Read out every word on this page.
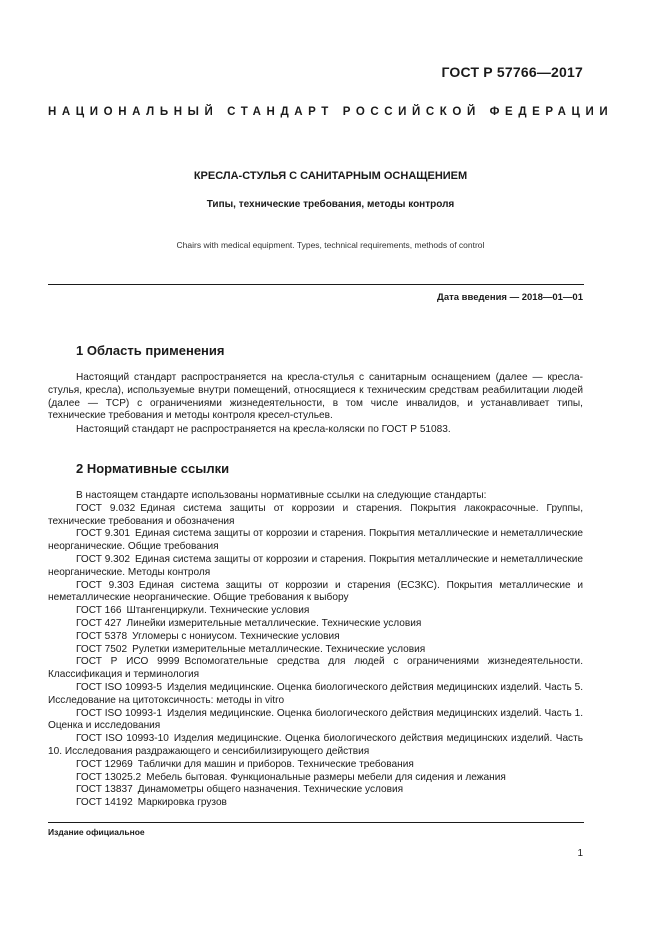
ГОСТ Р 57766—2017
НАЦИОНАЛЬНЫЙ СТАНДАРТ РОССИЙСКОЙ ФЕДЕРАЦИИ
КРЕСЛА-СТУЛЬЯ С САНИТАРНЫМ ОСНАЩЕНИЕМ
Типы, технические требования, методы контроля
Chairs with medical equipment. Types, technical requirements, methods of control
Дата введения — 2018—01—01
1 Область применения
Настоящий стандарт распространяется на кресла-стулья с санитарным оснащением (далее — кресла-стулья, кресла), используемые внутри помещений, относящиеся к техническим средствам реабилитации людей (далее — ТСР) с ограничениями жизнедеятельности, в том числе инвалидов, и устанавливает типы, технические требования и методы контроля кресел-стульев.
Настоящий стандарт не распространяется на кресла-коляски по ГОСТ Р 51083.
2 Нормативные ссылки
В настоящем стандарте использованы нормативные ссылки на следующие стандарты:
ГОСТ 9.032 Единая система защиты от коррозии и старения. Покрытия лакокрасочные. Группы, технические требования и обозначения
ГОСТ 9.301 Единая система защиты от коррозии и старения. Покрытия металлические и неметаллические неорганические. Общие требования
ГОСТ 9.302 Единая система защиты от коррозии и старения. Покрытия металлические и неметаллические неорганические. Методы контроля
ГОСТ 9.303 Единая система защиты от коррозии и старения (ЕСЗКС). Покрытия металлические и неметаллические неорганические. Общие требования к выбору
ГОСТ 166 Штангенциркули. Технические условия
ГОСТ 427 Линейки измерительные металлические. Технические условия
ГОСТ 5378 Угломеры с нониусом. Технические условия
ГОСТ 7502 Рулетки измерительные металлические. Технические условия
ГОСТ Р ИСО 9999 Вспомогательные средства для людей с ограничениями жизнедеятельности. Классификация и терминология
ГОСТ ISO 10993-5 Изделия медицинские. Оценка биологического действия медицинских изделий. Часть 5. Исследование на цитотоксичность: методы in vitro
ГОСТ ISO 10993-1 Изделия медицинские. Оценка биологического действия медицинских изделий. Часть 1. Оценка и исследования
ГОСТ ISO 10993-10 Изделия медицинские. Оценка биологического действия медицинских изделий. Часть 10. Исследования раздражающего и сенсибилизирующего действия
ГОСТ 12969 Таблички для машин и приборов. Технические требования
ГОСТ 13025.2 Мебель бытовая. Функциональные размеры мебели для сидения и лежания
ГОСТ 13837 Динамометры общего назначения. Технические условия
ГОСТ 14192 Маркировка грузов
Издание официальное
1
